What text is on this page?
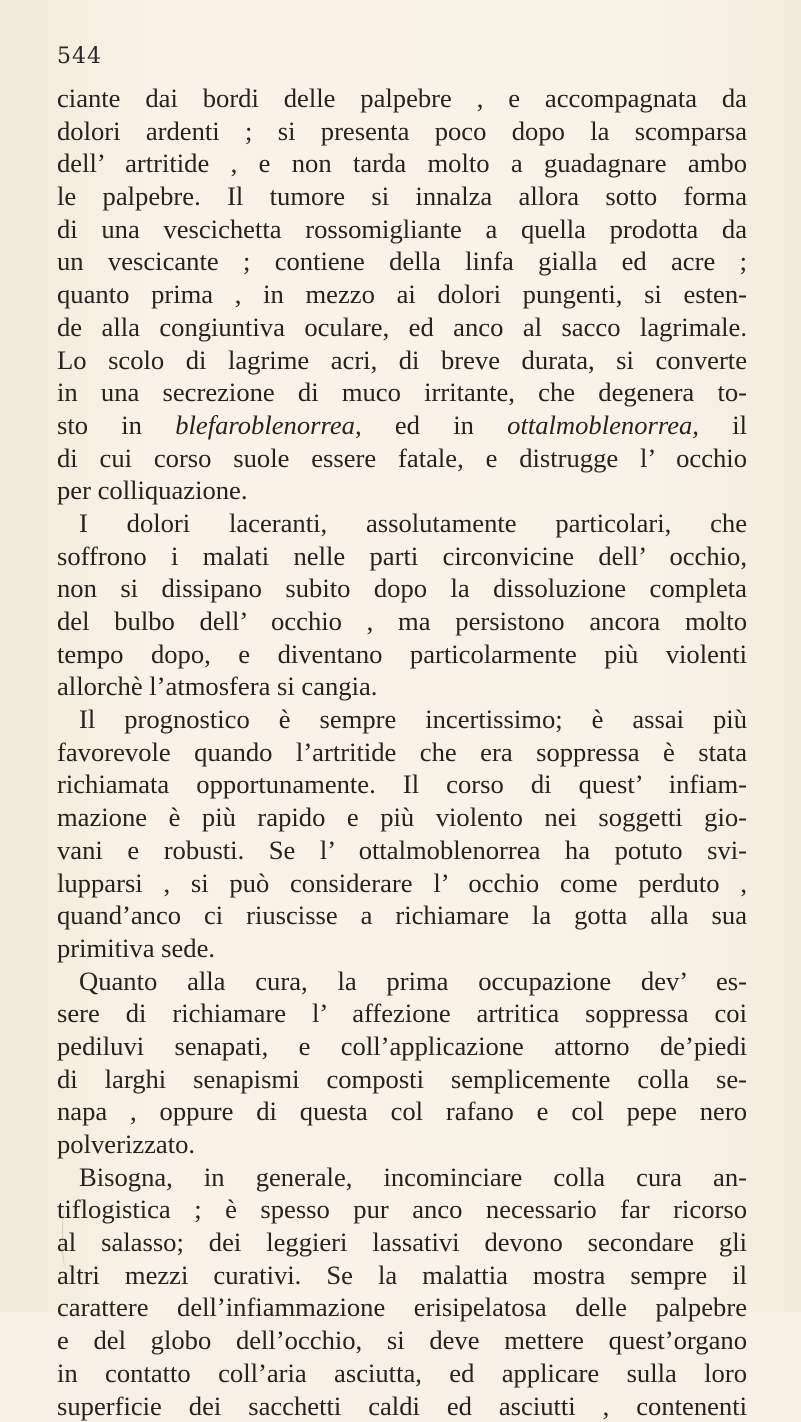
544
ciante dai bordi delle palpebre , e accompagnata da
dolori ardenti ; si presenta poco dopo la scomparsa
dell’ artritide , e non tarda molto a guadagnare ambo
le palpebre. Il tumore si innalza allora sotto forma
di una vescichetta rossomigliante a quella prodotta da
un vescicante ; contiene della linfa gialla ed acre ;
quanto prima , in mezzo ai dolori pungenti, si esten-
de alla congiuntiva oculare, ed anco al sacco lagrimale.
Lo scolo di lagrime acri, di breve durata, si converte
in una secrezione di muco irritante, che degenera to-
sto in blefaroblenorrea, ed in ottalmoblenorrea, il
di cui corso suole essere fatale, e distrugge l’ occhio
per colliquazione.
I dolori laceranti, assolutamente particolari, che
soffrono i malati nelle parti circonvicine dell’ occhio,
non si dissipano subito dopo la dissoluzione completa
del bulbo dell’ occhio , ma persistono ancora molto
tempo dopo, e diventano particolarmente più violenti
allorchè l’atmosfera si cangia.
Il prognostico è sempre incertissimo; è assai più
favorevole quando l’artritide che era soppressa è stata
richiamata opportunamente. Il corso di quest’ infiam-
mazione è più rapido e più violento nei soggetti gio-
vani e robusti. Se l’ ottalmoblenorrea ha potuto svi-
lupparsi , si può considerare l’ occhio come perduto ,
quand’anco ci riuscisse a richiamare la gotta alla sua
primitiva sede.
Quanto alla cura, la prima occupazione dev’ es-
sere di richiamare l’ affezione artritica soppressa coi
pediluvi senapati, e coll’applicazione attorno de’piedi
di larghi senapismi composti semplicemente colla se-
napa , oppure di questa col rafano e col pepe nero
polverizzato.
Bisogna, in generale, incominciare colla cura an-
tiflogistica ; è spesso pur anco necessario far ricorso
al salasso; dei leggieri lassativi devono secondare gli
altri mezzi curativi. Se la malattia mostra sempre il
carattere dell’infiammazione erisipelatosa delle palpebre
e del globo dell’occhio, si deve mettere quest’organo
in contatto coll’aria asciutta, ed applicare sulla loro
superficie dei sacchetti caldi ed asciutti , contenenti
